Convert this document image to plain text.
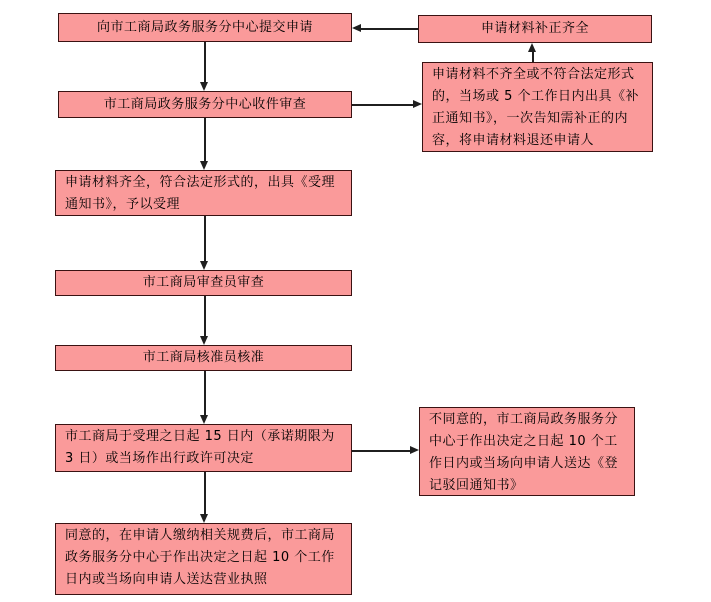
向市工商局政务服务分中心提交申请
市工商局政务服务分中心收件审查
申请材料齐全，符合法定形式的，出具《受理通知书》，予以受理
市工商局审查员审查
市工商局核准员核准
市工商局于受理之日起 15 日内（承诺期限为 3 日）或当场作出行政许可决定
同意的，在申请人缴纳相关规费后，市工商局政务服务分中心于作出决定之日起 10 个工作日内或当场向申请人送达营业执照
申请材料补正齐全
申请材料不齐全或不符合法定形式的，当场或 5 个工作日内出具《补正通知书》，一次告知需补正的内容，将申请材料退还申请人
不同意的，市工商局政务服务分中心于作出决定之日起 10 个工作日内或当场向申请人送达《登记驳回通知书》
